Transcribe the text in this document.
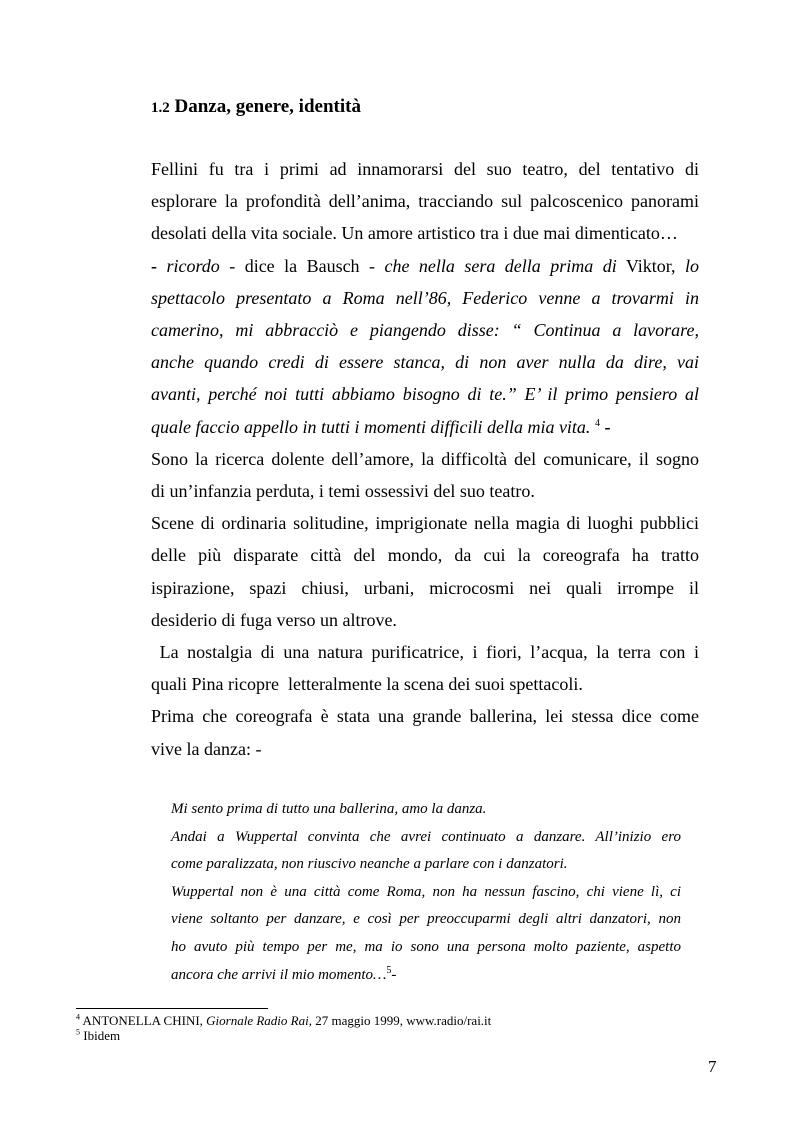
1.2 Danza, genere, identità

Fellini fu tra i primi ad innamorarsi del suo teatro, del tentativo di
esplorare la profondità dell’anima, tracciando sul palcoscenico panorami
desolati della vita sociale. Un amore artistico tra i due mai dimenticato…

- ricordo - dice la Bausch - che nella sera della prima di Viktor, lo
spettacolo presentato a Roma nell’86, Federico venne a trovarmi in
camerino, mi abbracciò e piangendo disse: “ Continua a lavorare,
anche quando credi di essere stanca, di non aver nulla da dire, vai
avanti, perché noi tutti abbiamo bisogno di te.” E’ il primo pensiero al
quale faccio appello in tutti i momenti difficili della mia vita. $^4$ -

Sono la ricerca dolente dell’amore, la difficoltà del comunicare, il sogno
di un’infanzia perduta, i temi ossessivi del suo teatro.

Scene di ordinaria solitudine, imprigionate nella magia di luoghi pubblici
delle più disparate città del mondo, da cui la coreografa ha tratto
ispirazione, spazi chiusi, urbani, microcosmi nei quali irrompe il
desiderio di fuga verso un altrove.

La nostalgia di una natura purificatrice, i fiori, l’acqua, la terra con i
quali Pina ricopre  letteralmente la scena dei suoi spettacoli.

Prima che coreografa è stata una grande ballerina, lei stessa dice come
vive la danza: -

Mi sento prima di tutto una ballerina, amo la danza.

Andai a Wuppertal convinta che avrei continuato a danzare. All’inizio ero
come paralizzata, non riuscivo neanche a parlare con i danzatori.

Wuppertal non è una città come Roma, non ha nessun fascino, chi viene lì, ci
viene soltanto per danzare, e così per preoccuparmi degli altri danzatori, non
ho avuto più tempo per me, ma io sono una persona molto paziente, aspetto
ancora che arrivi il mio momento…$^5$-

$^4$ ANTONELLA CHINI, Giornale Radio Rai, 27 maggio 1999, www.radio/rai.it
$^5$ Ibidem
7
